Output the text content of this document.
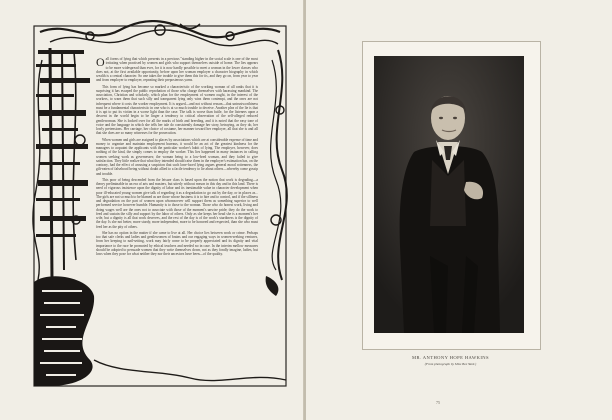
O all forms of lying that which presents in a precious "standing higher in the social scale is one of the most irritating when practised by women and girls who support themselves outside of home. The lies appears to be more widespread than ever, for it is now hardly possible to meet a woman in the lower classes who does not, at the first available opportunity, before upon her woman employer a character biography in which wealth is a central character. So one takes the trouble to give them this for its, and they go on, from year to year and from employer to employer, repeating their preposterous yarns.

This form of lying has become so marked a characteristic of the working woman of all ranks that it is surprising it has escaped the public reprobation of those who charge themselves with harassing mankind. The association, Christian and scholarly, which plan for the employment of women ought, in the interest of the workers, to warn them that such silly and transparent lying only wins them contempt, and the ones are not infrequent where it costs the worker employment. It is argued—and not without reason—that untrustworthiness must be a fundamental characteristic in one who is at so much trouble to deceive. Another plea of the lie is that it is apt to put its victim in a worse light than the case. The talk is worse than futile, for the listeners upon a descent in the world begin to be linger a tendency to critical observation of the self-alleged reduced gentlewoman. She is looked over for all the marks of birth and breeding, and it is noted that the easy tone of voice and the language in which she tells her tale do consistently damage her story, betraying, as they do, her lowly pretensions. Her carriage, her choice of costume, her manner toward her employer, all that she is and all that she does are so many witnesses for the prosecution.

When women and girls are assigned to places by associations which are at considerable expense of time and money to organize and maintain employment bureaus, it would be an act of the greatest kindness for the managers to acquaint the applicants with the particular worker's habit of lying. The employer, however, does nothing of the kind, the simply comes to employ the worker. This lies happened in many instances in calling women seeking work as governesses; the woman being to a low-bred woman, and they failed to give satisfaction. They little realize that what they intended should raise them in the employer's estimation has, on the contrary, had the effect of arousing a suspicion that such lone-faced lying argues general moral rottenness, the gilt-eaten of falsehood being without doubt allied to a facile tendency to lie about others—whereby come gossip and trouble.

This poor of being descended from the leisure class is based upon the notion that work is degrading—a theory preliminable in an era of arts and masters, but utterly without reason in this day and in this land. There is need of vigorous insistence upon the dignity of labor and its inestimable value in character development when poor ill-educated young women give talk of regarding it as a degradation to go out by the day, or in places as... The girls are not so much to be blamed as are those whose business it is to hire and to control, and if the silliness and degradation on the part of women upon whomsoever will support them as something superior to well performed service however humble. Humanity is to those to the woman. Those who do honest work, living and doing wages well are the ones not to associate with those of the moment's unwise pride; they do the work to feed and sustain the silly and support by the labor of others. Only as she keeps her head she is a moment's her wife, but a dignity is all that work deserves, and the rest of the day is of the work's sturdiness is the dignity of the day. Is she not better, more sturdy, more independent, more to be honored and respected, than she who must feed her as the pity of others.

She has no option in the matter if she came to live at all. Her choice lies between work or crime. Perhaps too that safe clerks and ladies and gentlewomen of brains and our engaging ways in women-seeking ventures, from her keeping to nail-setting, work may fairly come to be properly appreciated and its dignity and vital importance to the race be promoted by ethical teachers and needed no in case. In the interim mellow measures should be adopted to persuade women that they write themselves down, not as they fondly imagine, ladies, but laws when they pose for what neither they nor their ancestors have been—of the quality.

MR. ANTHONY HOPE HAWKINS
(From photograph by Miss Bee Yard.)
75
